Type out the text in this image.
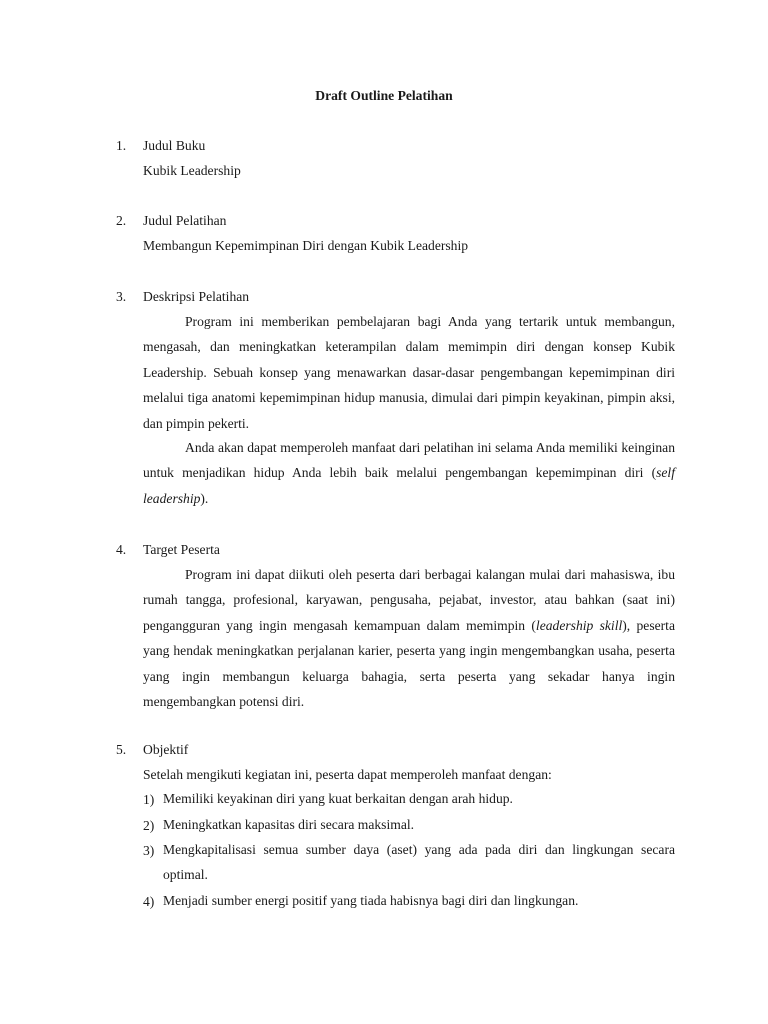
Draft Outline Pelatihan
1. Judul Buku
Kubik Leadership
2. Judul Pelatihan
Membangun Kepemimpinan Diri dengan Kubik Leadership
3. Deskripsi Pelatihan

Program ini memberikan pembelajaran bagi Anda yang tertarik untuk membangun, mengasah, dan meningkatkan keterampilan dalam memimpin diri dengan konsep Kubik Leadership. Sebuah konsep yang menawarkan dasar-dasar pengembangan kepemimpinan diri melalui tiga anatomi kepemimpinan hidup manusia, dimulai dari pimpin keyakinan, pimpin aksi, dan pimpin pekerti.

Anda akan dapat memperoleh manfaat dari pelatihan ini selama Anda memiliki keinginan untuk menjadikan hidup Anda lebih baik melalui pengembangan kepemimpinan diri (self leadership).

4. Target Peserta

Program ini dapat diikuti oleh peserta dari berbagai kalangan mulai dari mahasiswa, ibu rumah tangga, profesional, karyawan, pengusaha, pejabat, investor, atau bahkan (saat ini) pengangguran yang ingin mengasah kemampuan dalam memimpin (leadership skill), peserta yang hendak meningkatkan perjalanan karier, peserta yang ingin mengembangkan usaha, peserta yang ingin membangun keluarga bahagia, serta peserta yang sekadar hanya ingin mengembangkan potensi diri.

5. Objektif
Setelah mengikuti kegiatan ini, peserta dapat memperoleh manfaat dengan:
1) Memiliki keyakinan diri yang kuat berkaitan dengan arah hidup.
2) Meningkatkan kapasitas diri secara maksimal.
3) Mengkapitalisasi semua sumber daya (aset) yang ada pada diri dan lingkungan secara optimal.
4) Menjadi sumber energi positif yang tiada habisnya bagi diri dan lingkungan.
